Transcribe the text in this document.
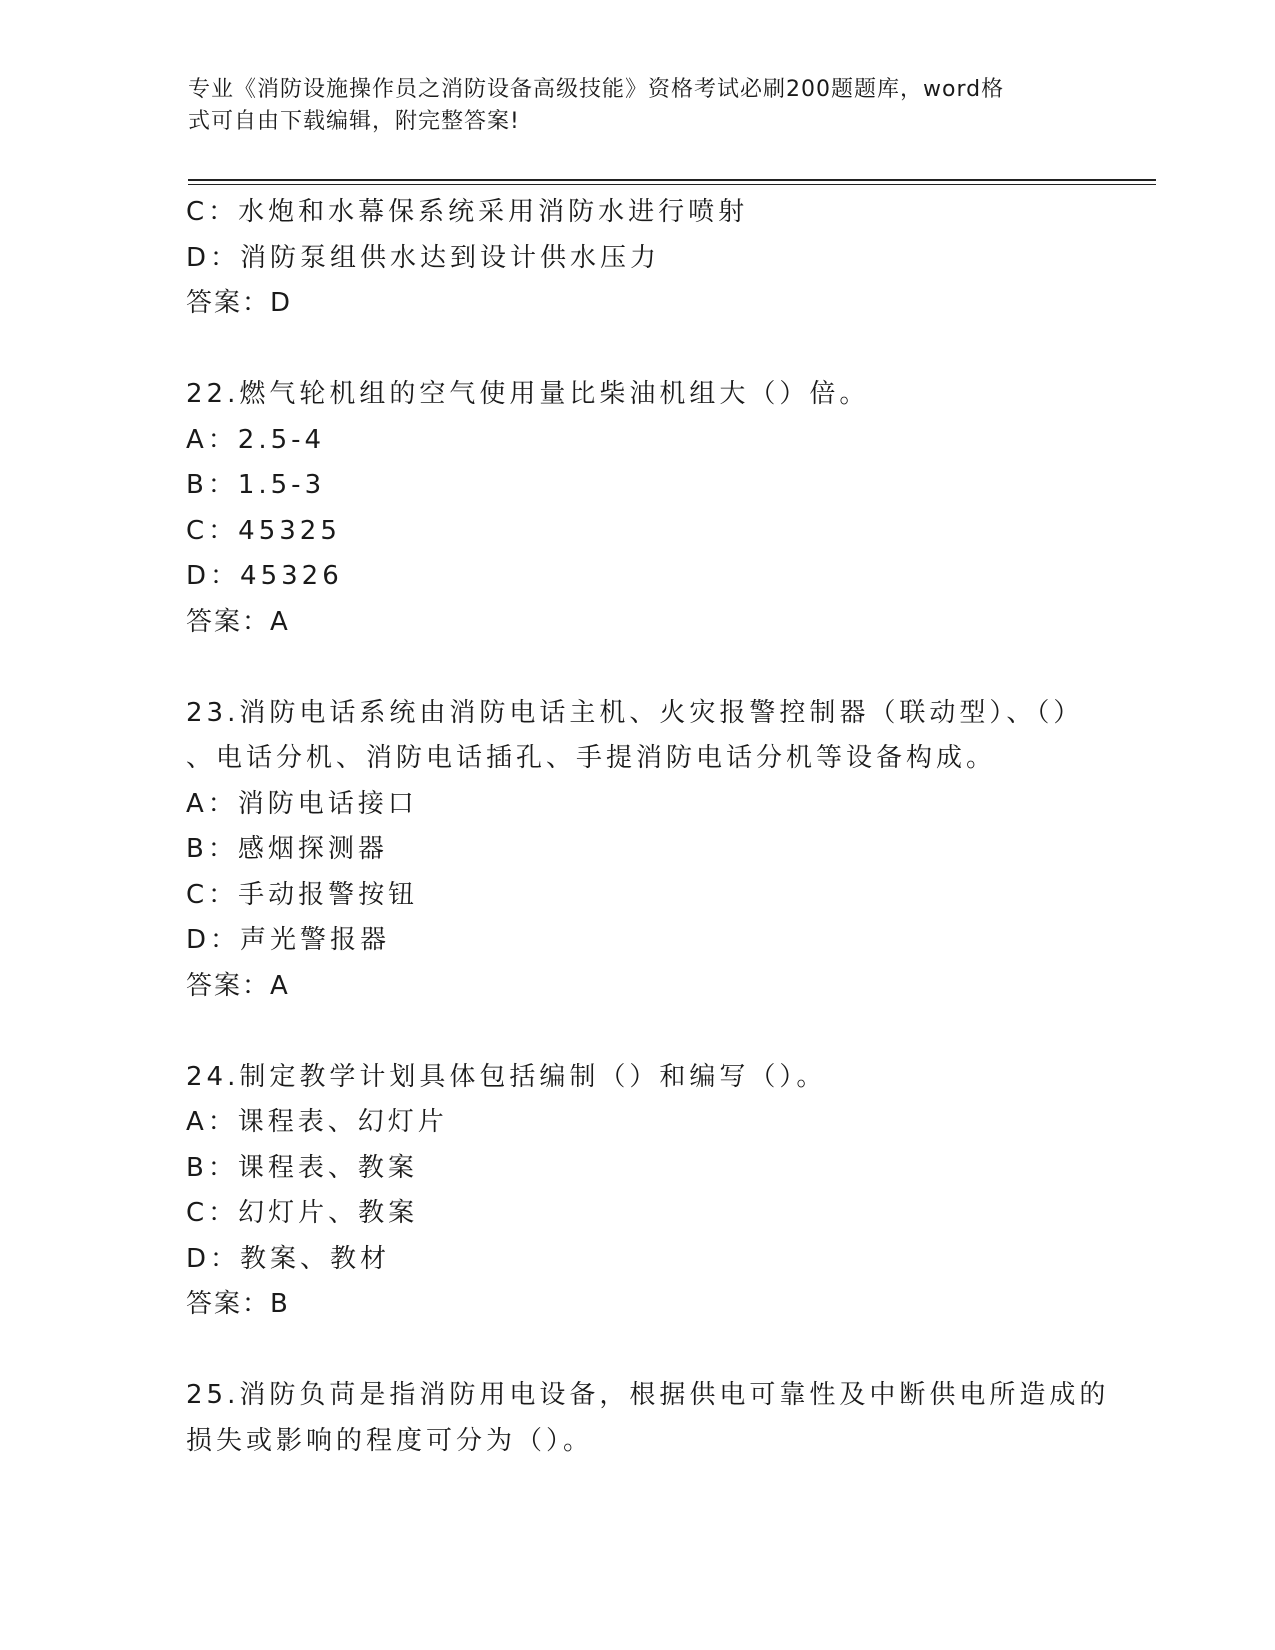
专业《消防设施操作员之消防设备高级技能》资格考试必刷200题题库，word格
式可自由下载编辑，附完整答案!
C：水炮和水幕保系统采用消防水进行喷射
D：消防泵组供水达到设计供水压力
答案：D
22.燃气轮机组的空气使用量比柴油机组大（）倍。
A：2.5-4
B：1.5-3
C：45325
D：45326
答案：A
23.消防电话系统由消防电话主机、火灾报警控制器（联动型）、（）
、电话分机、消防电话插孔、手提消防电话分机等设备构成。
A：消防电话接口
B：感烟探测器
C：手动报警按钮
D：声光警报器
答案：A
24.制定教学计划具体包括编制（）和编写（）。
A：课程表、幻灯片
B：课程表、教案
C：幻灯片、教案
D：教案、教材
答案：B
25.消防负苘是指消防用电设备，根据供电可靠性及中断供电所造成的
损失或影响的程度可分为（）。
